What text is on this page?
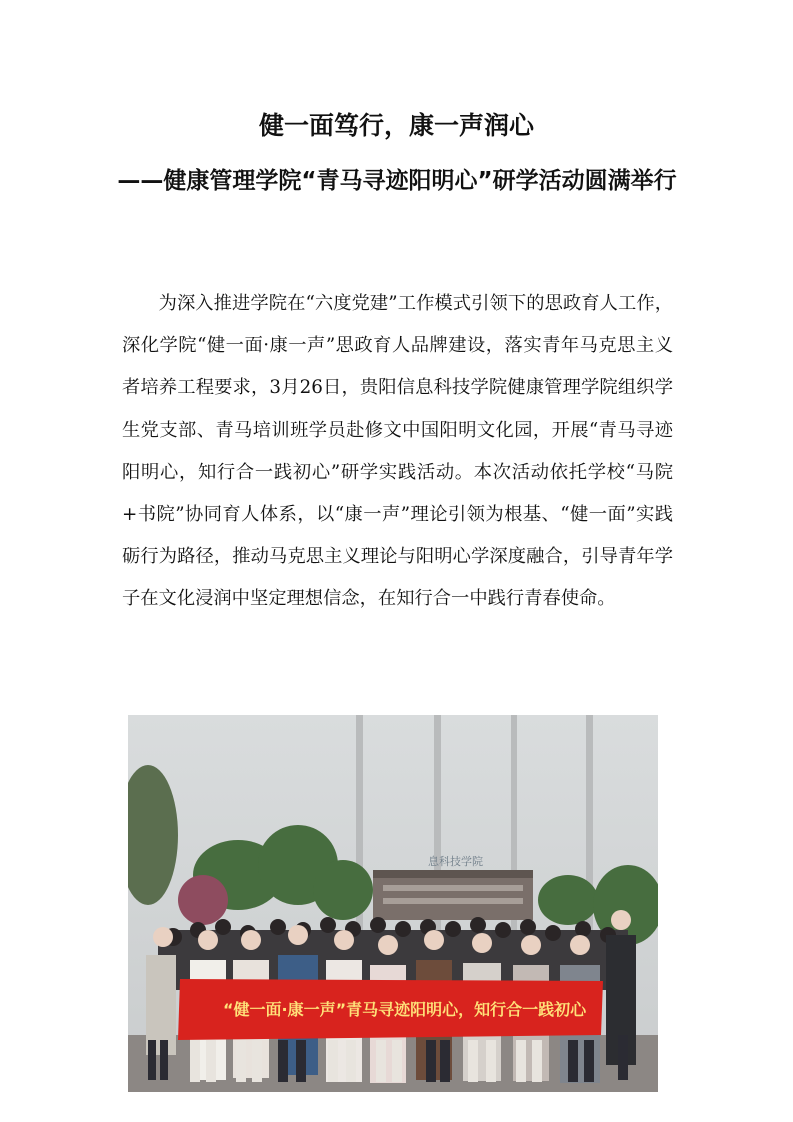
健一面笃行，康一声润心
——健康管理学院“青马寻迹阳明心”研学活动圆满举行

为深入推进学院在“六度党建”工作模式引领下的思政育人工作，深化学院“健一面·康一声”思政育人品牌建设，落实青年马克思主义者培养工程要求，3月26日，贵阳信息科技学院健康管理学院组织学生党支部、青马培训班学员赴修文中国阳明文化园，开展“青马寻迹阳明心，知行合一践初心”研学实践活动。本次活动依托学校“马院+书院”协同育人体系，以“康一声”理论引领为根基、“健一面”实践砺行为路径，推动马克思主义理论与阳明心学深度融合，引导青年学子在文化浸润中坚定理想信念，在知行合一中践行青春使命。

息科技学院
“健一面·康一声”青马寻迹阳明心，知行合一践初心
